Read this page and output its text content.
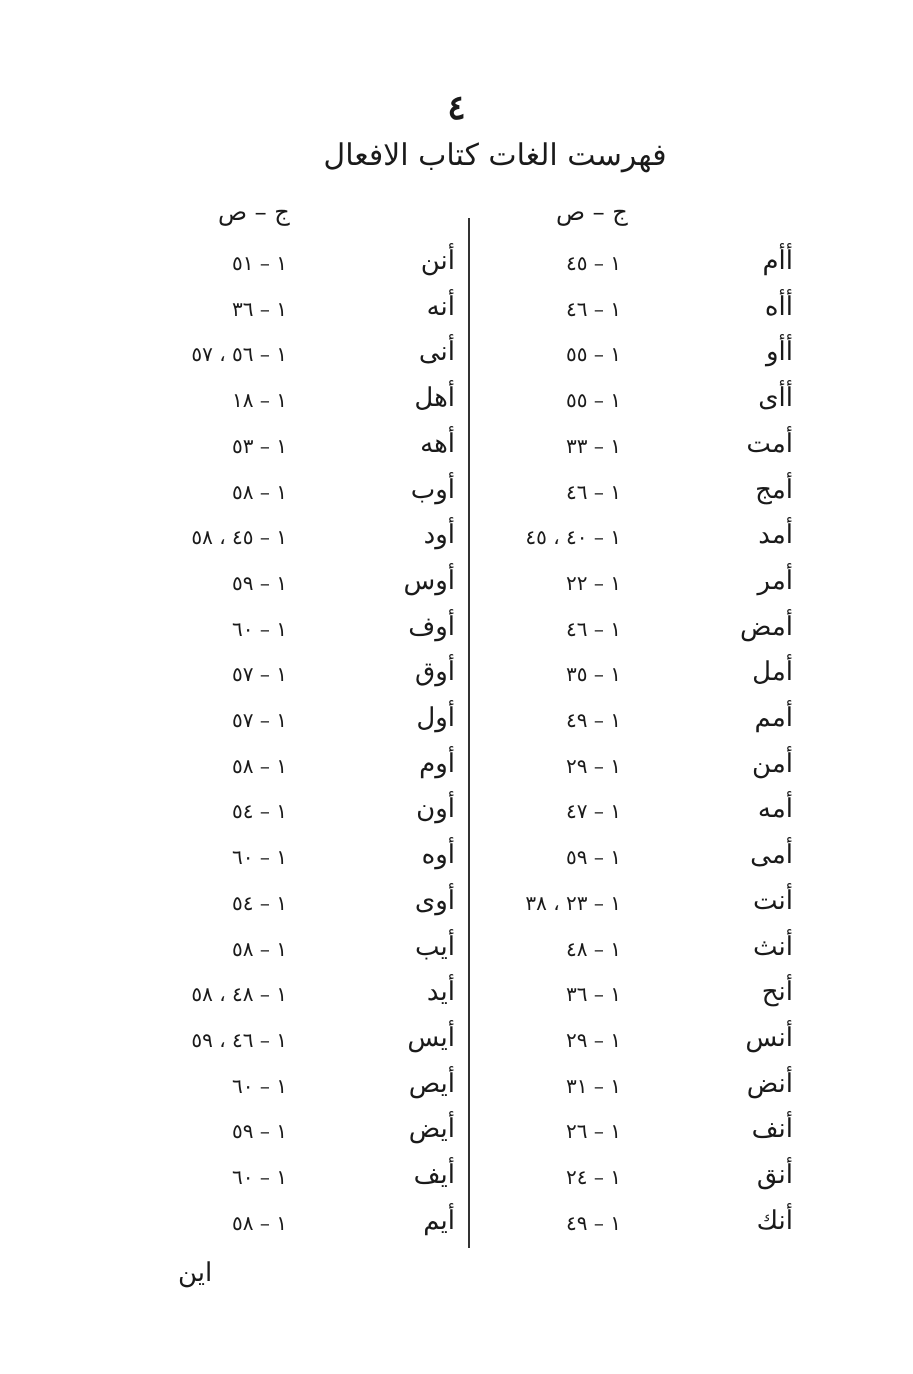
٤
فهرست الغات كتاب الافعال
ج – ص
ج – ص
أأم
١ – ٤٥
أأه
١ – ٤٦
أأو
١ – ٥٥
أأى
١ – ٥٥
أمت
١ – ٣٣
أمج
١ – ٤٦
أمد
١ – ٤٠ ، ٤٥
أمر
١ – ٢٢
أمض
١ – ٤٦
أمل
١ – ٣٥
أمم
١ – ٤٩
أمن
١ – ٢٩
أمه
١ – ٤٧
أمى
١ – ٥٩
أنت
١ – ٢٣ ، ٣٨
أنث
١ – ٤٨
أنح
١ – ٣٦
أنس
١ – ٢٩
أنض
١ – ٣١
أنف
١ – ٢٦
أنق
١ – ٢٤
أنك
١ – ٤٩
أنن
١ – ٥١
أنه
١ – ٣٦
أنى
١ – ٥٦ ، ٥٧
أهل
١ – ١٨
أهه
١ – ٥٣
أوب
١ – ٥٨
أود
١ – ٤٥ ، ٥٨
أوس
١ – ٥٩
أوف
١ – ٦٠
أوق
١ – ٥٧
أول
١ – ٥٧
أوم
١ – ٥٨
أون
١ – ٥٤
أوه
١ – ٦٠
أوى
١ – ٥٤
أيب
١ – ٥٨
أيد
١ – ٤٨ ، ٥٨
أيس
١ – ٤٦ ، ٥٩
أيص
١ – ٦٠
أيض
١ – ٥٩
أيف
١ – ٦٠
أيم
١ – ٥٨
اين
